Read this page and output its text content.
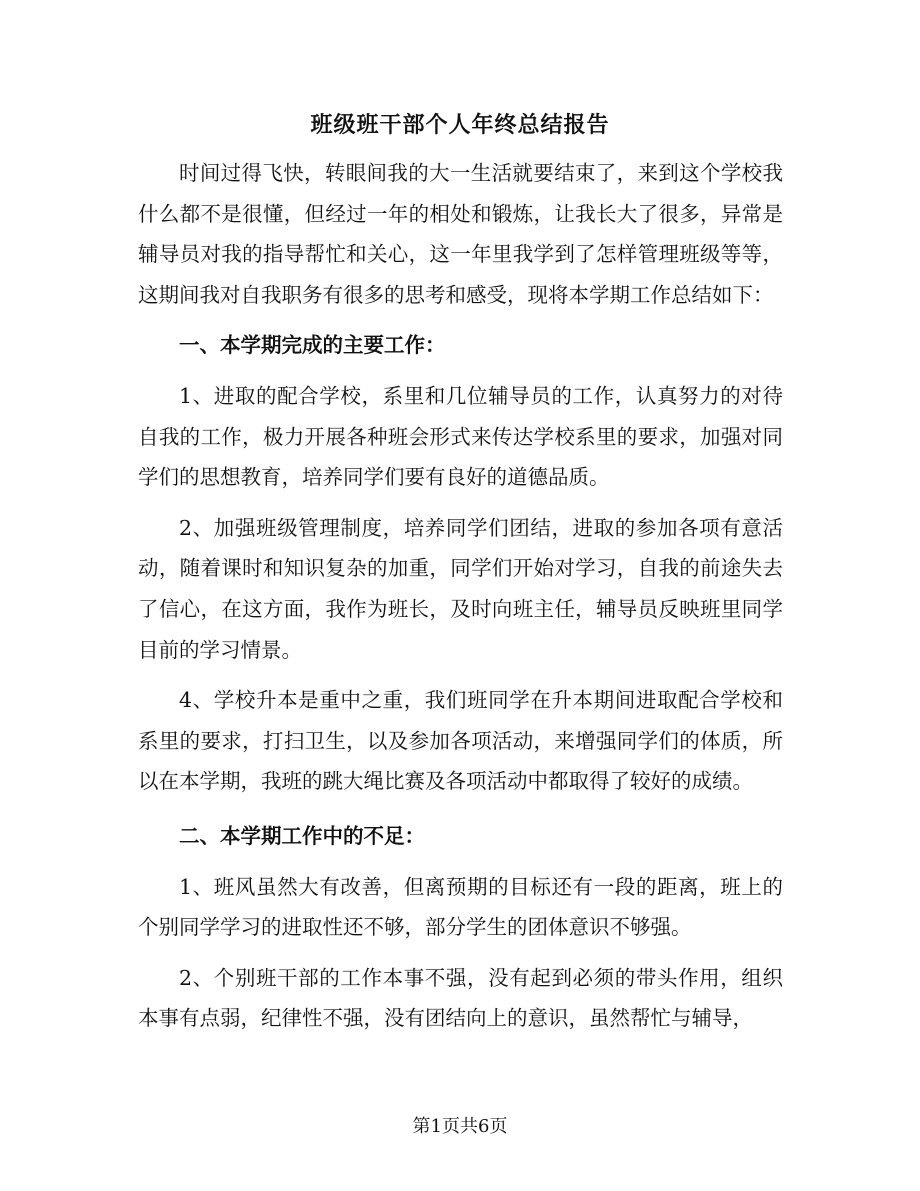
班级班干部个人年终总结报告

时间过得飞快，转眼间我的大一生活就要结束了，来到这个学校我什么都不是很懂，但经过一年的相处和锻炼，让我长大了很多，异常是辅导员对我的指导帮忙和关心，这一年里我学到了怎样管理班级等等，这期间我对自我职务有很多的思考和感受，现将本学期工作总结如下：

一、本学期完成的主要工作：

1、进取的配合学校，系里和几位辅导员的工作，认真努力的对待自我的工作，极力开展各种班会形式来传达学校系里的要求，加强对同学们的思想教育，培养同学们要有良好的道德品质。

2、加强班级管理制度，培养同学们团结，进取的参加各项有意活动，随着课时和知识复杂的加重，同学们开始对学习，自我的前途失去了信心，在这方面，我作为班长，及时向班主任，辅导员反映班里同学目前的学习情景。

4、学校升本是重中之重，我们班同学在升本期间进取配合学校和系里的要求，打扫卫生，以及参加各项活动，来增强同学们的体质，所以在本学期，我班的跳大绳比赛及各项活动中都取得了较好的成绩。

二、本学期工作中的不足：

1、班风虽然大有改善，但离预期的目标还有一段的距离，班上的个别同学学习的进取性还不够，部分学生的团体意识不够强。

2、个别班干部的工作本事不强，没有起到必须的带头作用，组织本事有点弱，纪律性不强，没有团结向上的意识，虽然帮忙与辅导，

第1页共6页
